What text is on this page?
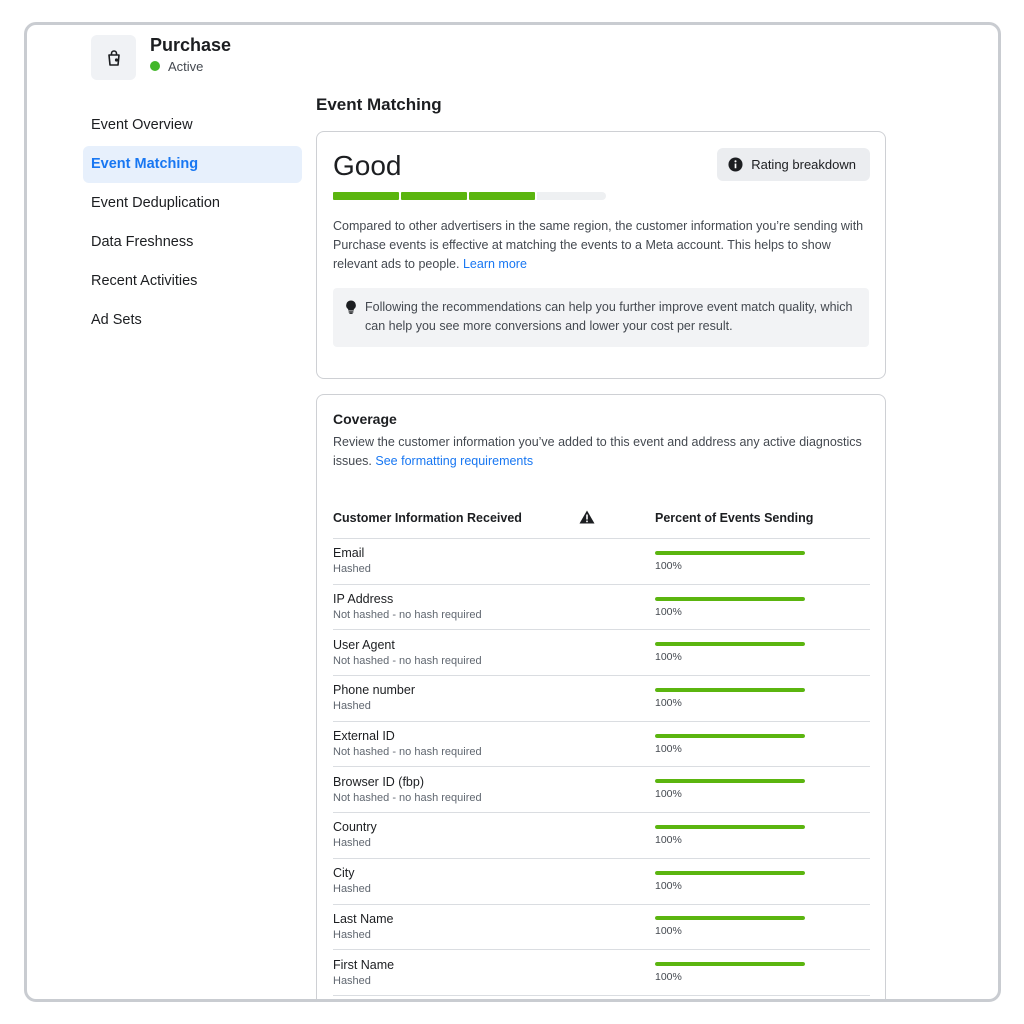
Purchase
Active
Event Overview
Event Matching
Event Deduplication
Data Freshness
Recent Activities
Ad Sets
Event Matching
Good	Rating breakdown
Compared to other advertisers in the same region, the customer information you’re sending with Purchase events is effective at matching the events to a Meta account. This helps to show relevant ads to people. Learn more
Following the recommendations can help you further improve event match quality, which can help you see more conversions and lower your cost per result.
Coverage
Review the customer information you’ve added to this event and address any active diagnostics issues. See formatting requirements
Customer Information Received	Percent of Events Sending
Email
Hashed	100%
IP Address
Not hashed - no hash required	100%
User Agent
Not hashed - no hash required	100%
Phone number
Hashed	100%
External ID
Not hashed - no hash required	100%
Browser ID (fbp)
Not hashed - no hash required	100%
Country
Hashed	100%
City
Hashed	100%
Last Name
Hashed	100%
First Name
Hashed	100%
